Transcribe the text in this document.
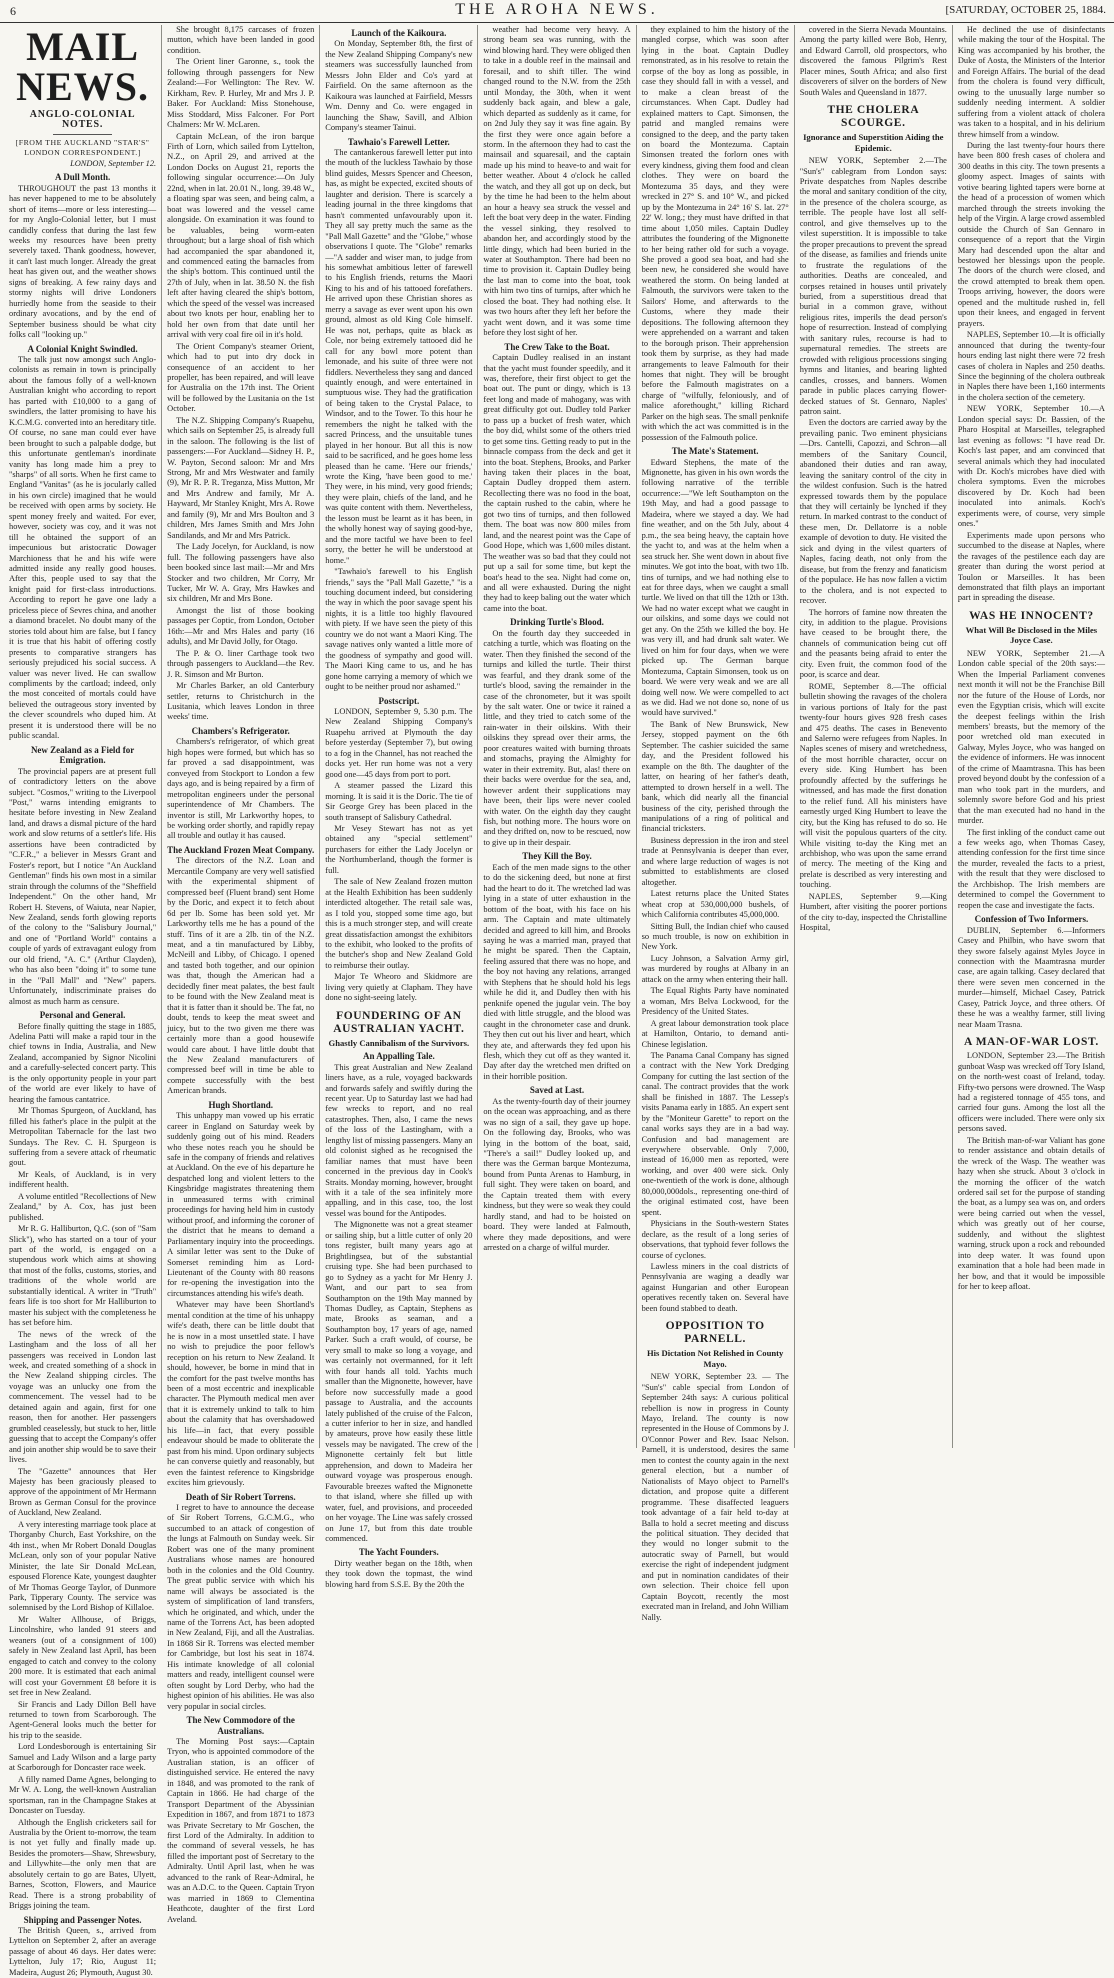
6	THE AROHA NEWS.	[SATURDAY, OCTOBER 25, 1884.
MAIL NEWS.
ANGLO-COLONIAL NOTES.
[FROM THE AUCKLAND "STAR'S" LONDON CORRESPONDENT.]
LONDON, September 12.
A Dull Month.

THROUGHOUT the past 13 months it has never happened to me to be absolutely short of items—more or less interesting—for my Anglo-Colonial letter, but I must candidly confess that during the last few weeks my resources have been pretty severely taxed. Thank goodness, however, it can't last much longer. Already the great heat has given out, and the weather shows signs of breaking. A few rainy days and stormy nights will drive Londoners hurriedly home from the seaside to their ordinary avocations, and by the end of September business should be what city folks call "looking up."

A Colonial Knight Swindled.

The talk just now amongst such Anglo-colonists as remain in town is principally about the famous folly of a well-known Australian knight who according to report has parted with £10,000 to a gang of swindlers, the latter promising to have his K.C.M.G. converted into an hereditary title. Of course, no sane man could ever have been brought to such a palpable dodge, but this unfortunate gentleman's inordinate vanity has long made him a prey to "sharps" of all sorts. When he first came to England "Vanitas" (as he is jocularly called in his own circle) imagined that he would be received with open arms by society. He spent money freely and waited. For ever, however, society was coy, and it was not till he obtained the support of an impecunious but aristocratic Dowager Marchioness that he and his wife were admitted inside any really good houses. After this, people used to say that the knight paid for first-class introductions. According to report he gave one lady a priceless piece of Sevres china, and another a diamond bracelet. No doubt many of the stories told about him are false, but I fancy it is true that his habit of offering costly presents to comparative strangers has seriously prejudiced his social success. A valuer was never lived. He can swallow compliments by the cartload; indeed, only the most conceited of mortals could have believed the outrageous story invented by the clever scoundrels who duped him. At present it is understood there will be no public scandal.

New Zealand as a Field for Emigration.

The provincial papers are at present full of contradictory letters on the above subject. "Cosmos," writing to the Liverpool "Post," warns intending emigrants to hesitate before investing in New Zealand land, and draws a dismal picture of the hard work and slow returns of a settler's life. His assertions have been contradicted by "C.F.R.," a believer in Messrs Grant and Foster's report, but I notice "An Auckland Gentleman" finds his own most in a similar strain through the columns of the "Sheffield Independent." On the other hand, Mr Robert H. Stevens, of Waiuta, near Napier, New Zealand, sends forth glowing reports of the colony to the "Salisbury Journal," and one of "Portland World" contains a couple of yards of extravagant eulogy from our old friend, "A. C." (Arthur Clayden), who has also been "doing it" to some tune in the "Pall Mall" and "New" papers. Unfortunately, indiscriminate praises do almost as much harm as censure.

Personal and General.

Before finally quitting the stage in 1885, Adelina Patti will make a rapid tour in the chief towns in India, Australia, and New Zealand, accompanied by Signor Nicolini and a carefully-selected concert party. This is the only opportunity people in your part of the world are ever likely to have of hearing the famous cantatrice.

Mr Thomas Spurgeon, of Auckland, has filled his father's place in the pulpit at the Metropolitan Tabernacle for the last two Sundays. The Rev. C. H. Spurgeon is suffering from a severe attack of rheumatic gout.

Mr Keals, of Auckland, is in very indifferent health.

A volume entitled "Recollections of New Zealand," by A. Cox, has just been published.

Mr R. G. Halliburton, Q.C. (son of "Sam Slick"), who has started on a tour of your part of the world, is engaged on a stupendous work which aims at showing that most of the folks, customs, stories, and traditions of the whole world are substantially identical. A writer in "Truth" fears life is too short for Mr Halliburton to master his subject with the completeness he has set before him.

The news of the wreck of the Lastingham and the loss of all her passengers was received in London last week, and created something of a shock in the New Zealand shipping circles. The voyage was an unlucky one from the commencement. The vessel had to be detained again and again, first for one reason, then for another. Her passengers grumbled ceaselessly, but stuck to her, little guessing that to accept the Company's offer and join another ship would be to save their lives.

The "Gazette" announces that Her Majesty has been graciously pleased to approve of the appointment of Mr Hermann Brown as German Consul for the province of Auckland, New Zealand.

A very interesting marriage took place at Thorganby Church, East Yorkshire, on the 4th inst., when Mr Robert Donald Douglas McLean, only son of your popular Native Minister, the late Sir Donald McLean, espoused Florence Kate, youngest daughter of Mr Thomas George Taylor, of Dunmore Park, Tipperary County. The service was solemnised by the Lord Bishop of Killaloe.

Mr Walter Allhouse, of Briggs, Lincolnshire, who landed 91 steers and weaners (out of a consignment of 100) safely in New Zealand last April, has been engaged to catch and convey to the colony 200 more. It is estimated that each animal will cost your Government £8 before it is set free in New Zealand.

Sir Francis and Lady Dillon Bell have returned to town from Scarborough. The Agent-General looks much the better for his trip to the seaside.

Lord Londesborough is entertaining Sir Samuel and Lady Wilson and a large party at Scarborough for Doncaster race week.

A filly named Dame Agnes, belonging to Mr W. A. Long, the well-known Australian sportsman, ran in the Champagne Stakes at Doncaster on Tuesday.

Although the English cricketers sail for Australia by the Orient to-morrow, the team is not yet fully and finally made up. Besides the promoters—Shaw, Shrewsbury, and Lillywhite—the only men that are absolutely certain to go are Bates, Ulyett, Barnes, Scotton, Flowers, and Maurice Read. There is a strong probability of Briggs joining the team.

Shipping and Passenger Notes.

The British Queen, s., arrived from Lyttelton on September 2, after an average passage of about 46 days. Her dates were: Lyttelton, July 17; Rio, August 11; Madeira, August 26; Plymouth, August 30.

She brought 8,175 carcases of frozen mutton, which have been landed in good condition.

The Orient liner Garonne, s., took the following through passengers for New Zealand:—For Wellington: The Rev. W. Kirkham, Rev. P. Hurley, Mr and Mrs J. P. Baker. For Auckland: Miss Stonehouse, Miss Stoddard, Miss Falconer. For Port Chalmers: Mr W. McLaren.

Captain McLean, of the iron barque Firth of Lorn, which sailed from Lyttelton, N.Z., on April 29, and arrived at the London Docks on August 21, reports the following singular occurrence:—On July 22nd, when in lat. 20.01 N., long. 39.48 W., a floating spar was seen, and being calm, a boat was lowered and the vessel came alongside. On examination it was found to be valuables, being worm-eaten throughout; but a large shoal of fish which had accompanied the spar abandoned it, and commenced eating the barnacles from the ship's bottom. This continued until the 27th of July, when in lat. 38.50 N. the fish left after having cleared the ship's bottom, which the speed of the vessel was increased about two knots per hour, enabling her to hold her own from that date until her arrival with very coal fire oil in it's hold.

The Orient Company's steamer Orient, which had to put into dry dock in consequence of an accident to her propeller, has been repaired, and will leave for Australia on the 17th inst. The Orient will be followed by the Lusitania on the 1st October.

The N.Z. Shipping Company's Ruapehu, which sails on September 25, is already full in the saloon. The following is the list of passengers:—For Auckland—Sidney H. P., W. Payton, Second saloon: Mr and Mrs Strong, Mr and Mrs Westwater and family (9), Mr R. P. R. Treganza, Miss Mutton, Mr and Mrs Andrew and family, Mr A. Hayward, Mr Stanley Knight, Mrs A. Rowe and family (9), Mr and Mrs Boulton and 3 children, Mrs James Smith and Mrs John Sandilands, and Mr and Mrs Patrick.

The Lady Jocelyn, for Auckland, is now full. The following passengers have also been booked since last mail:—Mr and Mrs Stocker and two children, Mr Corry, Mr Tucker, Mr W. A. Gray, Mrs Hawkes and six children, Mr and Mrs Bone.

Amongst the list of those booking passages per Coptic, from London, October 16th:—Mr and Mrs Hales and party (16 adults), and Mr David Jolly, for Otago.

The P. & O. liner Carthage took two through passengers to Auckland—the Rev. J. R. Simson and Mr Burton.

Mr Charles Barker, an old Canterbury settler, returns to Christchurch in the Lusitania, which leaves London in three weeks' time.

Chambers's Refrigerator.

Chambers's refrigerator, of which great high hopes were formed, but which has so far proved a sad disappointment, was conveyed from Stockport to London a few days ago, and is being repaired by a firm of metropolitan engineers under the personal superintendence of Mr Chambers. The inventor is still, Mr Larkworthy hopes, to be working order shortly, and rapidly repay all trouble and outlay it has caused.

The Auckland Frozen Meat Company.

The directors of the N.Z. Loan and Mercantile Company are very well satisfied with the experimental shipment of compressed beef (Fluent brand) sent Home by the Doric, and expect it to fetch about 6d per lb. Some has been sold yet. Mr Larkworthy tells me he has a pound of the stuff. Tins of it are a 2lb. tin of the N.Z. meat, and a tin manufactured by Libby, McNeill and Libby, of Chicago. I opened and tasted both together, and our opinion was that, though the American had a decidedly finer meat palates, the best fault to be found with the New Zealand meat is that it is fatter than it should be. The fat, no doubt, tends to keep the meat sweet and juicy, but to the two given me there was certainly more than a good housewife would care about. I have little doubt that the New Zealand manufacturers of compressed beef will in time be able to compete successfully with the best American brands.

Hugh Shortland.

This unhappy man vowed up his erratic career in England on Saturday week by suddenly going out of his mind. Readers who these notes reach you he should be safe in the company of friends and relatives at Auckland. On the eve of his departure he despatched long and violent letters to the Kingsbridge magistrates threatening them in unmeasured terms with criminal proceedings for having held him in custody without proof, and informing the coroner of the district that he means to demand a Parliamentary inquiry into the proceedings. A similar letter was sent to the Duke of Somerset reminding him as Lord-Lieutenant of the County with 80 reasons for re-opening the investigation into the circumstances attending his wife's death.

Whatever may have been Shortland's mental condition at the time of his unhappy wife's death, there can be little doubt that he is now in a most unsettled state. I have no wish to prejudice the poor fellow's reception on his return to New Zealand. It should, however, be borne in mind that in the comfort for the past twelve months has been of a most eccentric and inexplicable character. The Plymouth medical men aver that it is extremely unkind to talk to him about the calamity that has overshadowed his life—in fact, that every possible endeavour should be made to obliterate the past from his mind. Upon ordinary subjects he can converse quietly and reasonably, but even the faintest reference to Kingsbridge excites him grievously.

Death of Sir Robert Torrens.

I regret to have to announce the decease of Sir Robert Torrens, G.C.M.G., who succumbed to an attack of congestion of the lungs at Falmouth on Sunday week. Sir Robert was one of the many prominent Australians whose names are honoured both in the colonies and the Old Country. The great public service with which his name will always be associated is the system of simplification of land transfers, which he originated, and which, under the name of the Torrens Act, has been adopted in New Zealand, Fiji, and all the Australias. In 1868 Sir R. Torrens was elected member for Cambridge, but lost his seat in 1874. His intimate knowledge of all colonial matters and ready, intelligent counsel were often sought by Lord Derby, who had the highest opinion of his abilities. He was also very popular in social circles.

The New Commodore of the Australians.

The Morning Post says:—Captain Tryon, who is appointed commodore of the Australian station, is an officer of distinguished service. He entered the navy in 1848, and was promoted to the rank of Captain in 1866. He had charge of the Transport Department of the Abyssinian Expedition in 1867, and from 1871 to 1873 was Private Secretary to Mr Goschen, the first Lord of the Admiralty. In addition to the command of several vessels, he has filled the important post of Secretary to the Admiralty. Until April last, when he was advanced to the rank of Rear-Admiral, he was an A.D.C. to the Queen. Captain Tryon was married in 1869 to Clementina Heathcote, daughter of the first Lord Aveland.

Launch of the Kaikoura.

On Monday, September 8th, the first of the New Zealand Shipping Company's new steamers was successfully launched from Messrs John Elder and Co's yard at Fairfield. On the same afternoon as the Kaikoura was launched at Fairfield, Messrs Wm. Denny and Co. were engaged in launching the Shaw, Savill, and Albion Company's steamer Tainui.

Tawhaio's Farewell Letter.

The cantankerous farewell letter put into the mouth of the luckless Tawhaio by those blind guides, Messrs Spencer and Cheeson, has, as might be expected, excited shouts of laughter and derision. There is scarcely a leading journal in the three kingdoms that hasn't commented unfavourably upon it. They all say pretty much the same as the "Pall Mall Gazette" and the "Globe," whose observations I quote. The "Globe" remarks—"A sadder and wiser man, to judge from his somewhat ambitious letter of farewell to his English friends, returns the Maori King to his and of his tattooed forefathers. He arrived upon these Christian shores as merry a savage as ever went upon his own ground, almost as old King Cole himself. He was not, perhaps, quite as black as Cole, nor being extremely tattooed did he call for any bowl more potent than lemonade, and his suite of three were not fiddlers. Nevertheless they sang and danced quaintly enough, and were entertained in sumptuous wise. They had the gratification of being taken to the Crystal Palace, to Windsor, and to the Tower. To this hour he remembers the night he talked with the sacred Princess, and the unsuitable tunes played in her honour. But all this is now said to be sacrificed, and he goes home less pleased than he came. 'Here our friends,' wrote the King, 'have been good to me.' They were, in his mind, very good friends; they were plain, chiefs of the land, and he was quite content with them. Nevertheless, the lesson must be learnt as it has been, in the wholly honest way of saying good-bye, and the more tactful we have been to feel sorry, the better he will be understood at home."

"Tawhaio's farewell to his English friends," says the "Pall Mall Gazette," "is a touching document indeed, but considering the way in which the poor savage spent his nights, it is a little too highly flavoured with piety. If we have seen the piety of this country we do not want a Maori King. The savage natives only wanted a little more of the goodness of sympathy and good will. The Maori King came to us, and he has gone home carrying a memory of which we ought to be neither proud nor ashamed."

Postscript.

LONDON, September 9, 5.30 p.m. The New Zealand Shipping Company's Ruapehu arrived at Plymouth the day before yesterday (September 7), but owing to a fog in the Channel, has not reached the docks yet. Her run home was not a very good one—45 days from port to port.

A steamer passed the Lizard this morning. It is said it is the Doric. The tie of Sir George Grey has been placed in the south transept of Salisbury Cathedral.

Mr Vesey Stewart has not as yet obtained any "special settlement" purchasers for either the Lady Jocelyn or the Northumberland, though the former is full.

The sale of New Zealand frozen mutton at the Health Exhibition has been suddenly interdicted altogether. The retail sale was, as I told you, stopped some time ago, but this is a much stronger step, and will create great dissatisfaction amongst the exhibitors to the exhibit, who looked to the profits of the butcher's shop and New Zealand Gold to reimburse their outlay.

Major Te Wheoro and Skidmore are living very quietly at Clapham. They have done no sight-seeing lately.

FOUNDERING OF AN AUSTRALIAN YACHT.
Ghastly Cannibalism of the Survivors.
An Appalling Tale.

This great Australian and New Zealand liners have, as a rule, voyaged backwards and forwards safely and swiftly during the recent year. Up to Saturday last we had had few wrecks to report, and no real catastrophes. Then, also, I came the news of the loss of the Lastingham, with a lengthy list of missing passengers. Many an old colonist sighed as he recognised the familiar names that must have been concerned in the previous day in Cook's Straits. Monday morning, however, brought with it a tale of the sea infinitely more appalling, and in this case, too, the lost vessel was bound for the Antipodes.

The Mignonette was not a great steamer or sailing ship, but a little cutter of only 20 tons register, built many years ago at Brightlingsea, but of the substantial cruising type. She had been purchased to go to Sydney as a yacht for Mr Henry J. Want, and our part to sea from Southampton on the 19th May manned by Thomas Dudley, as Captain, Stephens as mate, Brooks as seaman, and a Southampton boy, 17 years of age, named Parker. Such a craft would, of course, be very small to make so long a voyage, and was certainly not overmanned, for it left with four hands all told. Yachts much smaller than the Mignonette, however, have before now successfully made a good passage to Australia, and the accounts lately published of the cruise of the Falcon, a cutter inferior to her in size, and handled by amateurs, prove how easily these little vessels may be navigated. The crew of the Mignonette certainly felt but little apprehension, and down to Madeira her outward voyage was prosperous enough. Favourable breezes wafted the Mignonette to that island, where she filled up with water, fuel, and provisions, and proceeded on her voyage. The Line was safely crossed on June 17, but from this date trouble commenced.

The Yacht Founders.

Dirty weather began on the 18th, when they took down the topmast, the wind blowing hard from S.S.E. By the 20th the

weather had become very heavy. A strong beam sea was running, with the wind blowing hard. They were obliged then to take in a double reef in the mainsail and foresail, and to shift tiller. The wind changed round to the N.W. from the 25th until Monday, the 30th, when it went suddenly back again, and blew a gale, which departed as suddenly as it came, for on 2nd July they say it was fine again. By the first they were once again before a storm. In the afternoon they had to cast the mainsail and squaresail, and the captain made up his mind to heave-to and wait for better weather. About 4 o'clock he called the watch, and they all got up on deck, but by the time he had been to the helm about an hour a heavy sea struck the vessel and left the boat very deep in the water. Finding the vessel sinking, they resolved to abandon her, and accordingly stood by the little dingy, which had been buried in the water at Southampton. There had been no time to provision it. Captain Dudley being the last man to come into the boat, took with him two tins of turnips, after which he closed the boat. They had nothing else. It was two hours after they left her before the yacht went down, and it was some time before they lost sight of her.

The Crew Take to the Boat.

Captain Dudley realised in an instant that the yacht must founder speedily, and it was, therefore, their first object to get the boat out. The punt or dingy, which is 13 feet long and made of mahogany, was with great difficulty got out. Dudley told Parker to pass up a bucket of fresh water, which the boy did, whilst some of the others tried to get some tins. Getting ready to put in the binnacle compass from the deck and get it into the boat. Stephens, Brooks, and Parker having taken their places in the boat, Captain Dudley dropped them astern. Recollecting there was no food in the boat, the captain rushed to the cabin, where he got two tins of turnips, and then followed them. The boat was now 800 miles from land, and the nearest point was the Cape of Good Hope, which was 1,600 miles distant. The weather was so bad that they could not put up a sail for some time, but kept the boat's head to the sea. Night had come on, and all were exhausted. During the night they had to keep baling out the water which came into the boat.

Drinking Turtle's Blood.

On the fourth day they succeeded in catching a turtle, which was floating on the water. Then they finished the second of the turnips and killed the turtle. Their thirst was fearful, and they drank some of the turtle's blood, saving the remainder in the case of the chronometer, but it was spoilt by the salt water. One or twice it rained a little, and they tried to catch some of the rain-water in their oilskins. With their oilskins they spread over their arms, the poor creatures waited with burning throats and stomachs, praying the Almighty for water in their extremity. But, alas! there on their backs were overdue for the sea, and, however ardent their supplications may have been, their lips were never cooled with water. On the eighth day they caught fish, but nothing more. The hours wore on and they drifted on, now to be rescued, now to give up in their despair.

They Kill the Boy.

Each of the men made signs to the other to do the sickening deed, but none at first had the heart to do it. The wretched lad was lying in a state of utter exhaustion in the bottom of the boat, with his face on his arm. The Captain and mate ultimately decided and agreed to kill him, and Brooks saying he was a married man, prayed that he might be spared. Then the Captain, feeling assured that there was no hope, and the boy not having any relations, arranged with Stephens that he should hold his legs while he did it, and Dudley then with his penknife opened the jugular vein. The boy died with little struggle, and the blood was caught in the chronometer case and drunk. They then cut out his liver and heart, which they ate, and afterwards they fed upon his flesh, which they cut off as they wanted it. Day after day the wretched men drifted on in their horrible position.

Saved at Last.

As the twenty-fourth day of their journey on the ocean was approaching, and as there was no sign of a sail, they gave up hope. On the following day, Brooks, who was lying in the bottom of the boat, said, "There's a sail!" Dudley looked up, and there was the German barque Montezuma, bound from Punta Arenas to Hamburg, in full sight. They were taken on board, and the Captain treated them with every kindness, but they were so weak they could hardly stand, and had to be hoisted on board. They were landed at Falmouth, where they made depositions, and were arrested on a charge of wilful murder.

they explained to him the history of the mangled corpse, which was soon after lying in the boat. Captain Dudley remonstrated, as in his resolve to retain the corpse of the boy as long as possible, in case they should fall in with a vessel, and to make a clean breast of the circumstances. When Capt. Dudley had explained matters to Capt. Simonsen, the patrid and mangled remains were consigned to the deep, and the party taken on board the Montezuma. Captain Simonsen treated the forlorn ones with every kindness, giving them food and clean clothes. They were on board the Montezuma 35 days, and they were wrecked in 27° S. and 10° W., and picked up by the Montezuma in 24° 16' S. lat. 27° 22' W. long.; they must have drifted in that time about 1,050 miles. Captain Dudley attributes the foundering of the Mignonette to her being rather old for such a voyage. She proved a good sea boat, and had she been new, he considered she would have weathered the storm. On being landed at Falmouth, the survivors were taken to the Sailors' Home, and afterwards to the Customs, where they made their depositions. The following afternoon they were apprehended on a warrant and taken to the borough prison. Their apprehension took them by surprise, as they had made arrangements to leave Falmouth for their homes that night. They will be brought before the Falmouth magistrates on a charge of "wilfully, feloniously, and of malice aforethought," killing Richard Parker on the high seas. The small penknife with which the act was committed is in the possession of the Falmouth police.

The Mate's Statement.

Edward Stephens, the mate of the Mignonette, has given in his own words the following narrative of the terrible occurrence:—"We left Southampton on the 19th May, and had a good passage to Madeira, where we stayed a day. We had fine weather, and on the 5th July, about 4 p.m., the sea being heavy, the captain hove the yacht to, and was at the helm when a sea struck her. She went down in about five minutes. We got into the boat, with two 1lb. tins of turnips, and we had nothing else to eat for three days, when we caught a small turtle. We lived on that till the 12th or 13th. We had no water except what we caught in our oilskins, and some days we could not get any. On the 25th we killed the boy. He was very ill, and had drunk salt water. We lived on him for four days, when we were picked up. The German barque Montezuma, Captain Simonsen, took us on board. We were very weak and we are all doing well now. We were compelled to act as we did. Had we not done so, none of us would have survived."

The Bank of New Brunswick, New Jersey, stopped payment on the 6th September. The cashier suicided the same day, and the President followed his example on the 8th. The daughter of the latter, on hearing of her father's death, attempted to drown herself in a well. The bank, which did nearly all the financial business of the city, perished through the manipulations of a ring of political and financial tricksters.

Business depression in the iron and steel trade at Pennsylvania is deeper than ever, and where large reduction of wages is not submitted to establishments are closed altogether.

Latest returns place the United States wheat crop at 530,000,000 bushels, of which California contributes 45,000,000.

Sitting Bull, the Indian chief who caused so much trouble, is now on exhibition in New York.

Lucy Johnson, a Salvation Army girl, was murdered by roughs at Albany in an attack on the army when entering their hall.

The Equal Rights Party have nominated a woman, Mrs Belva Lockwood, for the Presidency of the United States.

A great labour demonstration took place at Hamilton, Ontario, to demand anti-Chinese legislation.

The Panama Canal Company has signed a contract with the New York Dredging Company for cutting the last section of the canal. The contract provides that the work shall be finished in 1887. The Lessep's visits Panama early in 1885. An expert sent by the "Moniteur Garette" to report on the canal works says they are in a bad way. Confusion and bad management are everywhere observable. Only 7,000, instead of 16,000 men as reported, were working, and over 400 were sick. Only one-twentieth of the work is done, although 80,000,000dols., representing one-third of the original estimated cost, have been spent.

Physicians in the South-western States declare, as the result of a long series of observations, that typhoid fever follows the course of cyclones.

Lawless miners in the coal districts of Pennsylvania are waging a deadly war against Hungarian and other European operatives recently taken on. Several have been found stabbed to death.

OPPOSITION TO PARNELL.
His Dictation Not Relished in County Mayo.

NEW YORK, September 23. — The "Sun's" cable special from London of September 24th says: A curious political rebellion is now in progress in County Mayo, Ireland. The county is now represented in the House of Commons by J. O'Connor Power and Rev. Isaac Nelson. Parnell, it is understood, desires the same men to contest the county again in the next general election, but a number of Nationalists of Mayo object to Parnell's dictation, and propose quite a different programme. These disaffected leaguers took advantage of a fair held to-day at Balla to hold a secret meeting and discuss the political situation. They decided that they would no longer submit to the autocratic sway of Parnell, but would exercise the right of independent judgment and put in nomination candidates of their own selection. Their choice fell upon Captain Boycott, recently the most execrated man in Ireland, and John William Nally.

covered in the Sierra Nevada Mountains. Among the party killed were Bob, Henry, and Edward Carroll, old prospectors, who discovered the famous Pilgrim's Rest Placer mines, South Africa; and also first discoverers of silver on the borders of New South Wales and Queensland in 1877.

THE CHOLERA SCOURGE.
Ignorance and Superstition Aiding the Epidemic.

NEW YORK, September 2.—The "Sun's" cablegram from London says: Private despatches from Naples describe the moral and sanitary condition of the city, in the presence of the cholera scourge, as terrible. The people have lost all self-control, and give themselves up to the vilest superstition. It is impossible to take the proper precautions to prevent the spread of the disease, as families and friends unite to frustrate the regulations of the authorities. Deaths are concealed, and corpses retained in houses until privately buried, from a superstitious dread that burial in a common grave, without religious rites, imperils the dead person's hope of resurrection. Instead of complying with sanitary rules, recourse is had to supernatural remedies. The streets are crowded with religious processions singing hymns and litanies, and bearing lighted candles, crosses, and banners. Women parade in public places carrying flower-decked statues of St. Gennaro, Naples' patron saint.

Even the doctors are carried away by the prevailing panic. Two eminent physicians —Drs. Cantelli, Capozzi, and Schron—all members of the Sanitary Council, abandoned their duties and ran away, leaving the sanitary control of the city in the wildest confusion. Such is the hatred expressed towards them by the populace that they will certainly be lynched if they return. In marked contrast to the conduct of these men, Dr. Dellatorre is a noble example of devotion to duty. He visited the sick and dying in the vilest quarters of Naples, facing death, not only from the disease, but from the frenzy and fanaticism of the populace. He has now fallen a victim to the cholera, and is not expected to recover.

The horrors of famine now threaten the city, in addition to the plague. Provisions have ceased to be brought there, the channels of communication being cut off and the peasants being afraid to enter the city. Even fruit, the common food of the poor, is scarce and dear.

ROME, September 8.—The official bulletin showing the ravages of the cholera in various portions of Italy for the past twenty-four hours gives 928 fresh cases and 475 deaths. The cases in Benevento and Salerno were refugees from Naples. In Naples scenes of misery and wretchedness, of the most horrible character, occur on every side. King Humbert has been profoundly affected by the sufferings he witnessed, and has made the first donation to the relief fund. All his ministers have earnestly urged King Humbert to leave the city, but the King has refused to do so. He will visit the populous quarters of the city. While visiting to-day the King met an archbishop, who was upon the same errand of mercy. The meeting of the King and prelate is described as very interesting and touching.

NAPLES, September 9.—King Humbert, after visiting the poorer portions of the city to-day, inspected the Christalline Hospital,

He declined the use of disinfectants while making the tour of the Hospital. The King was accompanied by his brother, the Duke of Aosta, the Ministers of the Interior and Foreign Affairs. The burial of the dead from the cholera is found very difficult, owing to the unusually large number so suddenly needing interment. A soldier suffering from a violent attack of cholera was taken to a hospital, and in his delirium threw himself from a window.

During the last twenty-four hours there have been 800 fresh cases of cholera and 300 deaths in this city. The town presents a gloomy aspect. Images of saints with votive bearing lighted tapers were borne at the head of a procession of women which marched through the streets invoking the help of the Virgin. A large crowd assembled outside the Church of San Gennaro in consequence of a report that the Virgin Mary had descended upon the altar and bestowed her blessings upon the people. The doors of the church were closed, and the crowd attempted to break them open. Troops arriving, however, the doors were opened and the multitude rushed in, fell upon their knees, and engaged in fervent prayers.

NAPLES, September 10.—It is officially announced that during the twenty-four hours ending last night there were 72 fresh cases of cholera in Naples and 250 deaths. Since the beginning of the cholera outbreak in Naples there have been 1,160 interments in the cholera section of the cemetery.

NEW YORK, September 10.—A London special says: Dr. Bassien, of the Pharo Hospital at Marseilles, telegraphed last evening as follows: "I have read Dr. Koch's last paper, and am convinced that several animals which they had inoculated with Dr. Koch's microbes have died with cholera symptoms. Even the microbes discovered by Dr. Koch had been inoculated into animals. Koch's experiments were, of course, very simple ones."

Experiments made upon persons who succumbed to the disease at Naples, where the ravages of the pestilence each day are greater than during the worst period at Toulon or Marseilles. It has been demonstrated that filth plays an important part in spreading the disease.

WAS HE INNOCENT?
What Will Be Disclosed in the Miles Joyce Case.

NEW YORK, September 21.—A London cable special of the 20th says:—When the Imperial Parliament convenes next month it will not be the Franchise Bill nor the future of the House of Lords, nor even the Egyptian crisis, which will excite the deepest feelings within the Irish members' breasts, but the memory of the poor wretched old man executed in Galway, Myles Joyce, who was hanged on the evidence of informers. He was innocent of the crime of Maamtrasna. This has been proved beyond doubt by the confession of a man who took part in the murders, and solemnly swore before God and his priest that the man executed had no hand in the murder.

The first inkling of the conduct came out a few weeks ago, when Thomas Casey, attending confession for the first time since the murder, revealed the facts to a priest, with the result that they were disclosed to the Archbishop. The Irish members are determined to compel the Government to reopen the case and investigate the facts.

Confession of Two Informers.

DUBLIN, September 6.—Informers Casey and Philbin, who have sworn that they swore falsely against Myles Joyce in connection with the Maamtrasna murder case, are again talking. Casey declared that there were seven men concerned in the murder—himself, Michael Casey, Patrick Casey, Patrick Joyce, and three others. Of these he was a wealthy farmer, still living near Maam Trasna.

A MAN-OF-WAR LOST.

LONDON, September 23.—The British gunboat Wasp was wrecked off Tory Island, on the north-west coast of Ireland, today. Fifty-two persons were drowned. The Wasp had a registered tonnage of 455 tons, and carried four guns. Among the lost all the officers were included. There were only six persons saved.

The British man-of-war Valiant has gone to render assistance and obtain details of the wreck of the Wasp. The weather was hazy when she struck. About 3 o'clock in the morning the officer of the watch ordered sail set for the purpose of standing the boat, as a lumpy sea was on, and orders were being carried out when the vessel, which was greatly out of her course, suddenly, and without the slightest warning, struck upon a rock and rebounded into deep water. It was found upon examination that a hole had been made in her bow, and that it would be impossible for her to keep afloat.
